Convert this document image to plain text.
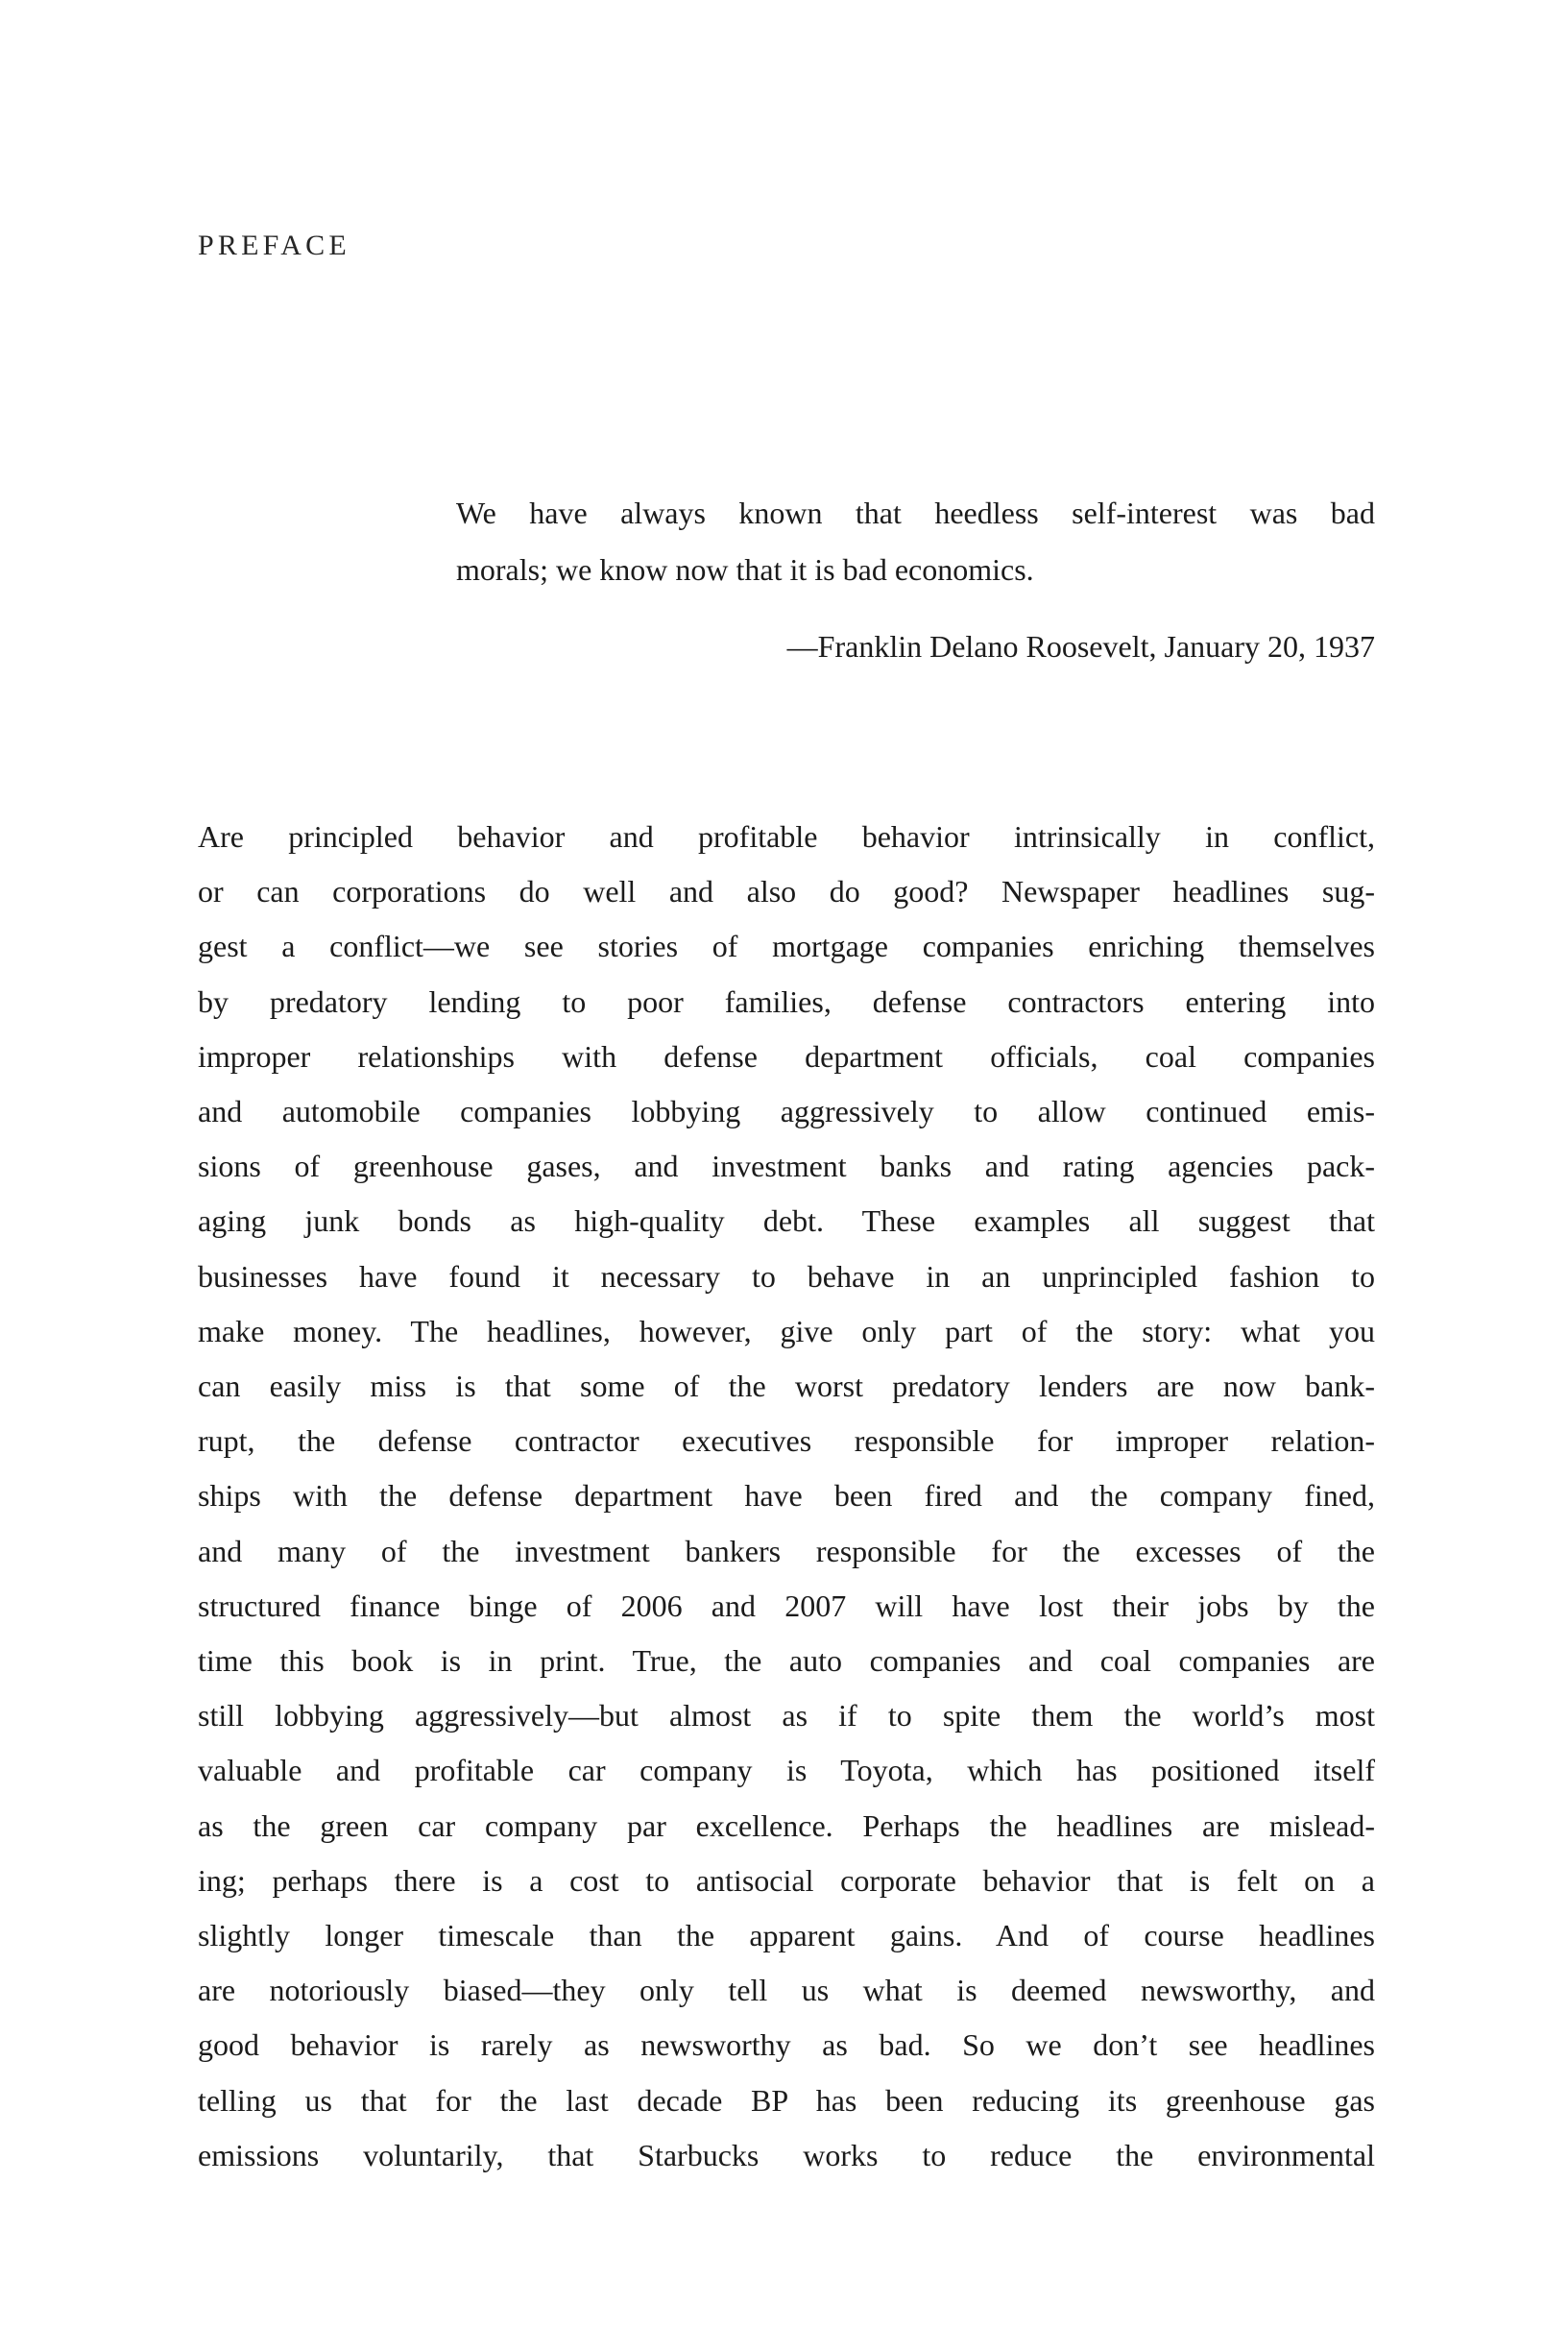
PREFACE
We have always known that heedless self-interest was bad
morals; we know now that it is bad economics.
—Franklin Delano Roosevelt, January 20, 1937
Are principled behavior and profitable behavior intrinsically in conflict,
or can corporations do well and also do good? Newspaper headlines sug-
gest a conflict—we see stories of mortgage companies enriching themselves
by predatory lending to poor families, defense contractors entering into
improper relationships with defense department officials, coal companies
and automobile companies lobbying aggressively to allow continued emis-
sions of greenhouse gases, and investment banks and rating agencies pack-
aging junk bonds as high-quality debt. These examples all suggest that
businesses have found it necessary to behave in an unprincipled fashion to
make money. The headlines, however, give only part of the story: what you
can easily miss is that some of the worst predatory lenders are now bank-
rupt, the defense contractor executives responsible for improper relation-
ships with the defense department have been fired and the company fined,
and many of the investment bankers responsible for the excesses of the
structured finance binge of 2006 and 2007 will have lost their jobs by the
time this book is in print. True, the auto companies and coal companies are
still lobbying aggressively—but almost as if to spite them the world’s most
valuable and profitable car company is Toyota, which has positioned itself
as the green car company par excellence. Perhaps the headlines are mislead-
ing; perhaps there is a cost to antisocial corporate behavior that is felt on a
slightly longer timescale than the apparent gains. And of course headlines
are notoriously biased—they only tell us what is deemed newsworthy, and
good behavior is rarely as newsworthy as bad. So we don’t see headlines
telling us that for the last decade BP has been reducing its greenhouse gas
emissions voluntarily, that Starbucks works to reduce the environmental
